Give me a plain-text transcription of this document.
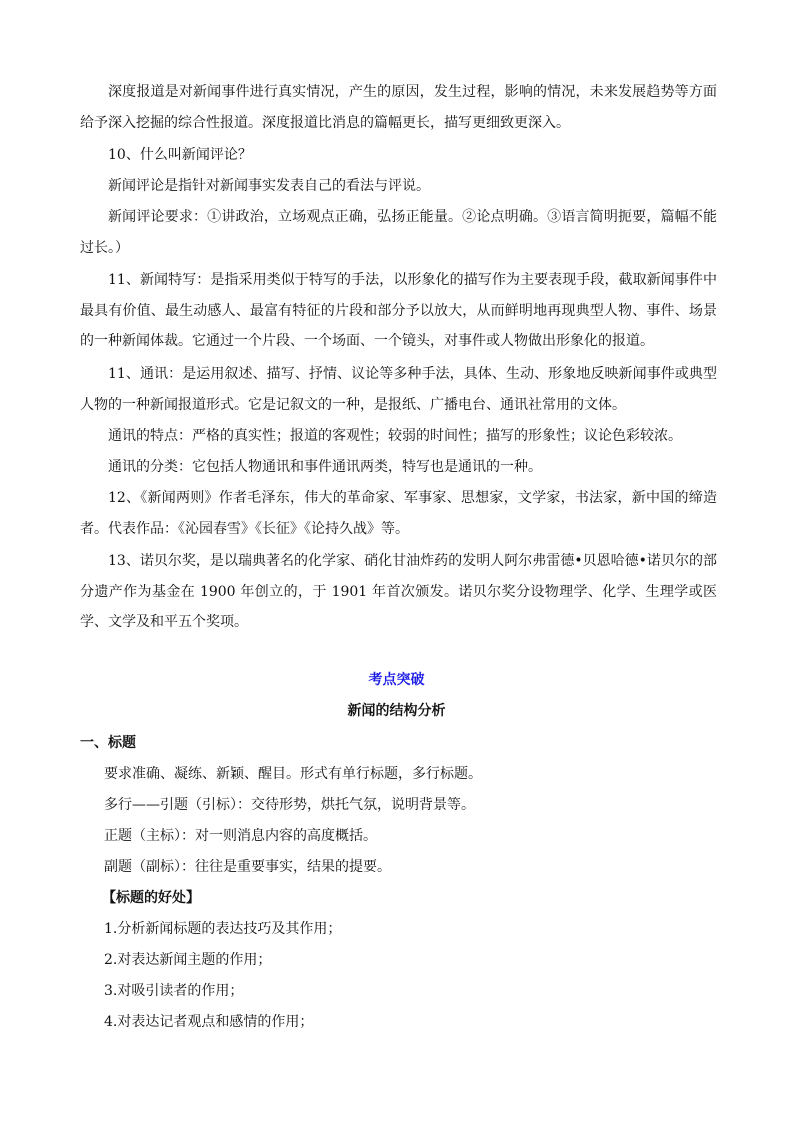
深度报道是对新闻事件进行真实情况，产生的原因，发生过程，影响的情况，未来发展趋势等方面给予深入挖掘的综合性报道。深度报道比消息的篇幅更长，描写更细致更深入。

10、什么叫新闻评论？

新闻评论是指针对新闻事实发表自己的看法与评说。

新闻评论要求：①讲政治，立场观点正确，弘扬正能量。②论点明确。③语言简明扼要，篇幅不能过长。）

11、新闻特写：是指采用类似于特写的手法，以形象化的描写作为主要表现手段，截取新闻事件中最具有价值、最生动感人、最富有特征的片段和部分予以放大，从而鲜明地再现典型人物、事件、场景的一种新闻体裁。它通过一个片段、一个场面、一个镜头，对事件或人物做出形象化的报道。

11、通讯：是运用叙述、描写、抒情、议论等多种手法，具体、生动、形象地反映新闻事件或典型人物的一种新闻报道形式。它是记叙文的一种，是报纸、广播电台、通讯社常用的文体。

通讯的特点：严格的真实性；报道的客观性；较弱的时间性；描写的形象性；议论色彩较浓。

通讯的分类：它包括人物通讯和事件通讯两类，特写也是通讯的一种。

12、《新闻两则》作者毛泽东，伟大的革命家、军事家、思想家，文学家，书法家，新中国的缔造者。代表作品：《沁园春雪》《长征》《论持久战》等。

13、诺贝尔奖，是以瑞典著名的化学家、硝化甘油炸药的发明人阿尔弗雷德•贝恩哈德•诺贝尔的部分遗产作为基金在 1900 年创立的，于 1901 年首次颁发。诺贝尔奖分设物理学、化学、生理学或医学、文学及和平五个奖项。

考点突破
新闻的结构分析
一、标题
要求准确、凝练、新颖、醒目。形式有单行标题，多行标题。
多行——引题（引标）：交待形势，烘托气氛，说明背景等。
正题（主标）：对一则消息内容的高度概括。
副题（副标）：往往是重要事实，结果的提要。
【标题的好处】
1.分析新闻标题的表达技巧及其作用；
2.对表达新闻主题的作用；
3.对吸引读者的作用；
4.对表达记者观点和感情的作用；
